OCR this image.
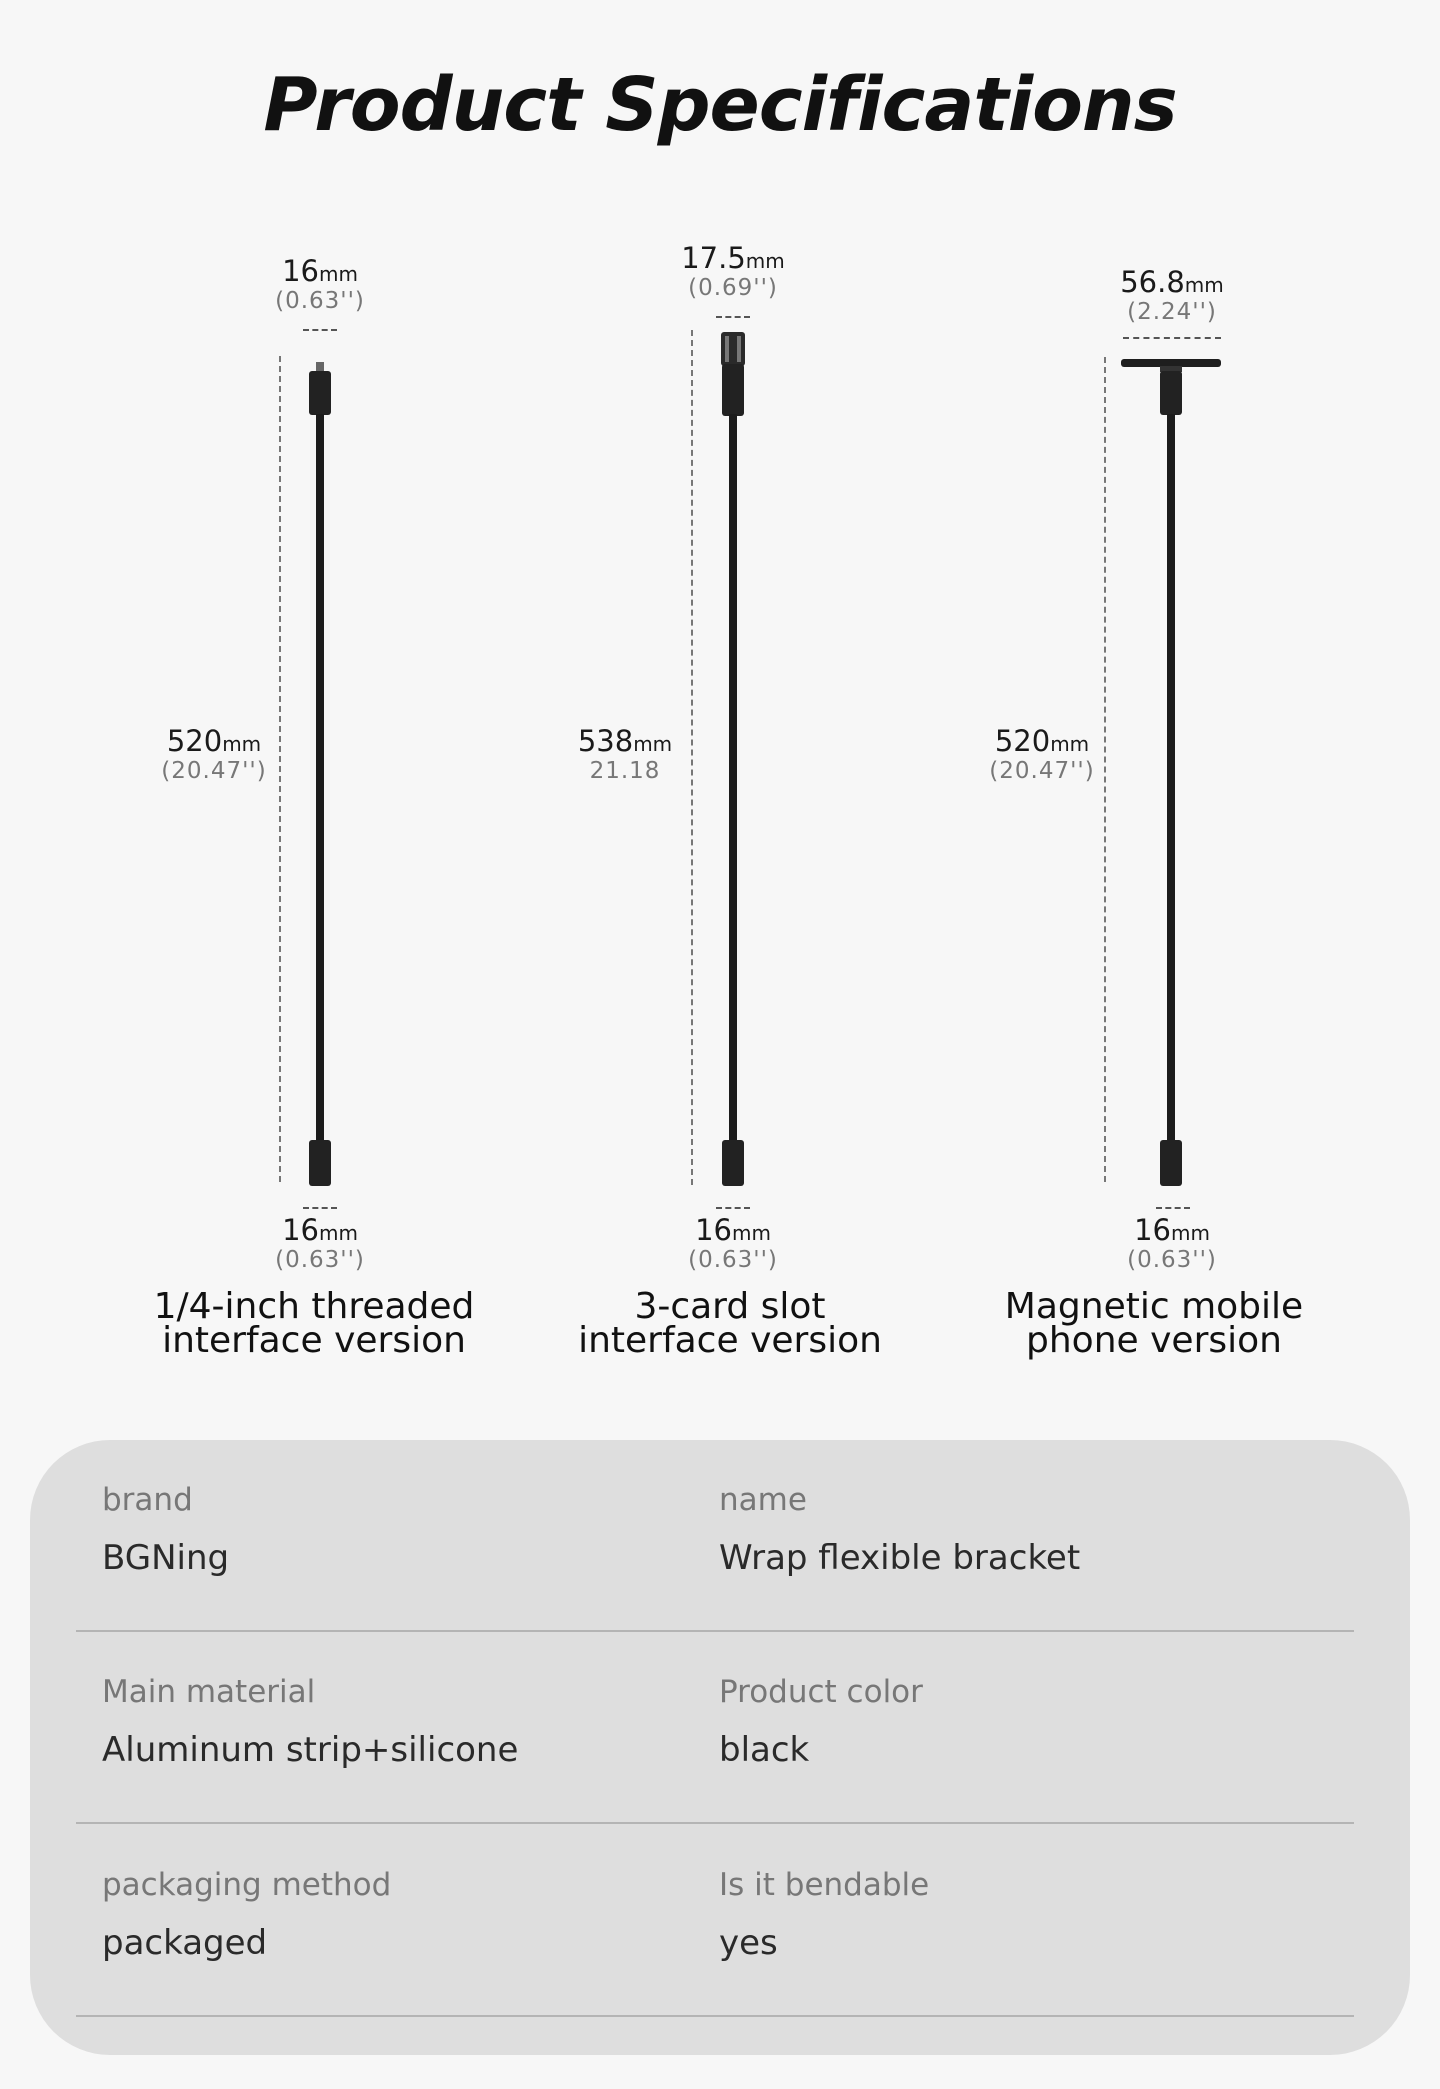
Product Specifications
16mm
(0.63'')
520mm
(20.47'')
16mm
(0.63'')
1/4-inch threaded
interface version
17.5mm
(0.69'')
538mm
21.18
16mm
(0.63'')
3-card slot
interface version
56.8mm
(2.24'')
520mm
(20.47'')
16mm
(0.63'')
Magnetic mobile
phone version
brand
BGNing
name
Wrap flexible bracket
Main material
Aluminum strip+silicone
Product color
black
packaging method
packaged
Is it bendable
yes
